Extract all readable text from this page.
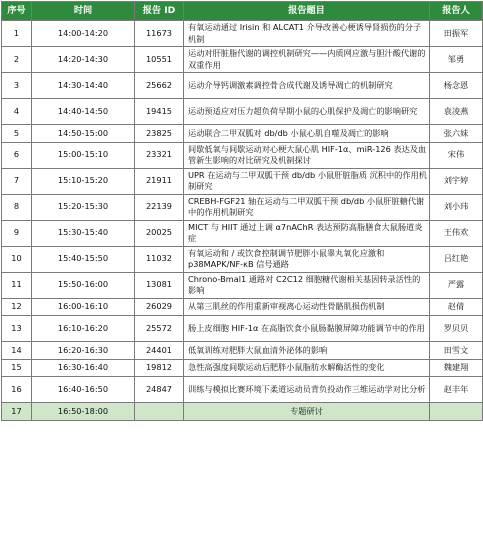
序号	时间	报告 ID	报告题目	报告人
1	14:00-14:20	11673	有氧运动通过 Irisin 和 ALCAT1 介导改善心梗诱导肾损伤的分子机制	田振军
2	14:20-14:30	10551	运动对肝脏脂代谢的调控机制研究——内质网应激与胆汁酸代谢的双重作用	邹勇
3	14:30-14:40	25662	运动介导钙调激素调控骨合成代谢及诱导凋亡的机制研究	杨念恩
4	14:40-14:50	19415	运动预适应对压力超负荷早期小鼠的心肌保护及凋亡的影响研究	袁凌燕
5	14:50-15:00	23825	运动联合二甲双胍对 db/db 小鼠心肌自噬及凋亡的影响	张六妹
6	15:00-15:10	23321	间歇低氧与间歇运动对心梗大鼠心肌 HIF-1α、miR-126 表达及血管新生影响的对比研究及机制探讨	宋伟
7	15:10-15:20	21911	UPR 在运动与二甲双胍干预 db/db 小鼠肝脏脂质 沉积中的作用机制研究	刘宇婷
8	15:20-15:30	22139	CREBH-FGF21 轴在运动与二甲双胍干预 db/db 小鼠肝脏糖代谢中的作用机制研究	刘小玮
9	15:30-15:40	20025	MICT 与 HIIT 通过上调 α7nAChR 表达预防高脂膳食大鼠肠道炎症	王伟欢
10	15:40-15:50	11032	有氧运动和 / 或饮食控制调节肥胖小鼠睾丸氧化应激和 p38MAPK/NF-κB 信号通路	吕红艳
11	15:50-16:00	13081	Chrono-Bmal1 通路对 C2C12 细胞糖代谢相关基因转录活性的影响	严露
12	16:00-16:10	26029	从第三肌丝的作用重新审视离心运动性骨骼肌损伤机制	赵倩
13	16:10-16:20	25572	肠上皮细胞 HIF-1α 在高脂饮食小鼠肠黏膜屏障功能调节中的作用	罗贝贝
14	16:20-16:30	24401	低氧训练对肥胖大鼠血清外泌体的影响	田雪文
15	16:30-16:40	19812	急性高强度间歇运动后肥胖小鼠脂肪水解酶活性的变化	魏建翔
16	16:40-16:50	24847	训练与模拟比赛环境下柔道运动员背负投动作三维运动学对比分析	赵丰年
17	16:50-18:00		专题研讨	
